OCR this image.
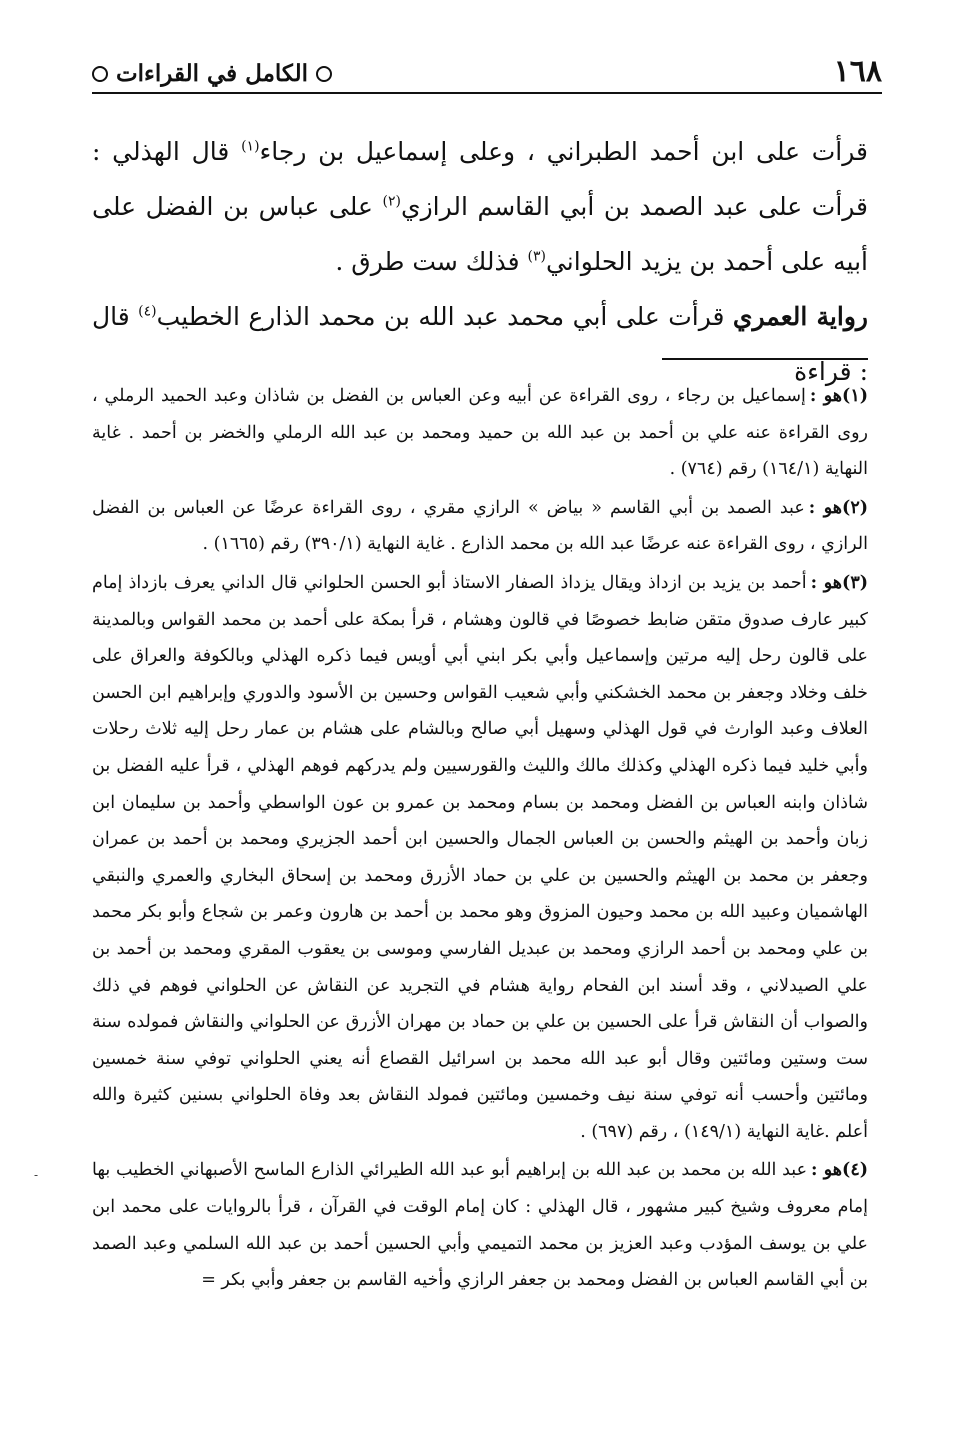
١٦٨
الكامل في القراءات

قرأت على ابن أحمد الطبراني ، وعلى إسماعيل بن رجاء$^{(١)}$ قال الهذلي : قرأت على عبد الصمد بن أبي القاسم الرازي$^{(٢)}$ على عباس بن الفضل على أبيه على أحمد بن يزيد الحلواني$^{(٣)}$ فذلك ست طرق .

رواية العمري قرأت على أبي محمد عبد الله بن محمد الذارع الخطيب$^{(٤)}$ قال : قراءة

(١)هو :إسماعيل بن رجاء ، روى القراءة عن أبيه وعن العباس بن الفضل بن شاذان وعبد الحميد الرملي ، روى القراءة عنه علي بن أحمد بن عبد الله بن حميد ومحمد بن عبد الله الرملي والخضر بن أحمد . غاية النهاية (١٦٤/١) رقم (٧٦٤) .

(٢)هو :عبد الصمد بن أبي القاسم « بياض » الرازي مقري ، روى القراءة عرضًا عن العباس بن الفضل الرازي ، روى القراءة عنه عرضًا عبد الله بن محمد الذارع . غاية النهاية (٣٩٠/١) رقم (١٦٦٥) .

(٣)هو :أحمد بن يزيد بن ازداذ ويقال يزداذ الصفار الاستاذ أبو الحسن الحلواني قال الداني يعرف بازداذ إمام كبير عارف صدوق متقن ضابط خصوصًا في قالون وهشام ، قرأ بمكة على أحمد بن محمد القواس وبالمدينة على قالون رحل إليه مرتين وإسماعيل وأبي بكر ابني أبي أويس فيما ذكره الهذلي وبالكوفة والعراق على خلف وخلاد وجعفر بن محمد الخشكني وأبي شعيب القواس وحسين بن الأسود والدوري وإبراهيم ابن الحسن العلاف وعبد الوارث في قول الهذلي وسهيل أبي صالح وبالشام على هشام بن عمار رحل إليه ثلاث رحلات وأبي خليد فيما ذكره الهذلي وكذلك مالك والليث والقورسيين ولم يدركهم فوهم الهذلي ، قرأ عليه الفضل بن شاذان وابنه العباس بن الفضل ومحمد بن بسام ومحمد بن عمرو بن عون الواسطي وأحمد بن سليمان ابن زبان وأحمد بن الهيثم والحسن بن العباس الجمال والحسين ابن أحمد الجزيري ومحمد بن أحمد بن عمران وجعفر بن محمد بن الهيثم والحسين بن علي بن حماد الأزرق ومحمد بن إسحاق البخاري والعمري والنبقي الهاشميان وعبيد الله بن محمد وحيون المزوق وهو محمد بن أحمد بن هارون وعمر بن شجاع وأبو بكر محمد بن علي ومحمد بن أحمد الرازي ومحمد بن عبديل الفارسي وموسى بن يعقوب المقري ومحمد بن أحمد بن علي الصيدلاني ، وقد أسند ابن الفحام رواية هشام في التجريد عن النقاش عن الحلواني فوهم في ذلك والصواب أن النقاش قرأ على الحسين بن علي بن حماد بن مهران الأزرق عن الحلواني والنقاش فمولده سنة ست وستين ومائتين وقال أبو عبد الله محمد بن اسرائيل القصاع أنه يعني الحلواني توفي سنة خمسين ومائتين وأحسب أنه توفي سنة نيف وخمسين ومائتين فمولد النقاش بعد وفاة الحلواني بسنين كثيرة والله أعلم .غاية النهاية (١٤٩/١) ، رقم (٦٩٧) .

(٤)هو :عبد الله بن محمد بن عبد الله بن إبراهيم أبو عبد الله الطيرائي الذارع الماسح الأصبهاني الخطيب بها إمام معروف وشيخ كبير مشهور ، قال الهذلي : كان إمام الوقت في القرآن ، قرأ بالروايات على محمد ابن علي بن يوسف المؤدب وعبد العزيز بن محمد التميمي وأبي الحسين أحمد بن عبد الله السلمي وعبد الصمد بن أبي القاسم العباس بن الفضل ومحمد بن جعفر الرازي وأخيه القاسم بن جعفر وأبي بكر =

-
